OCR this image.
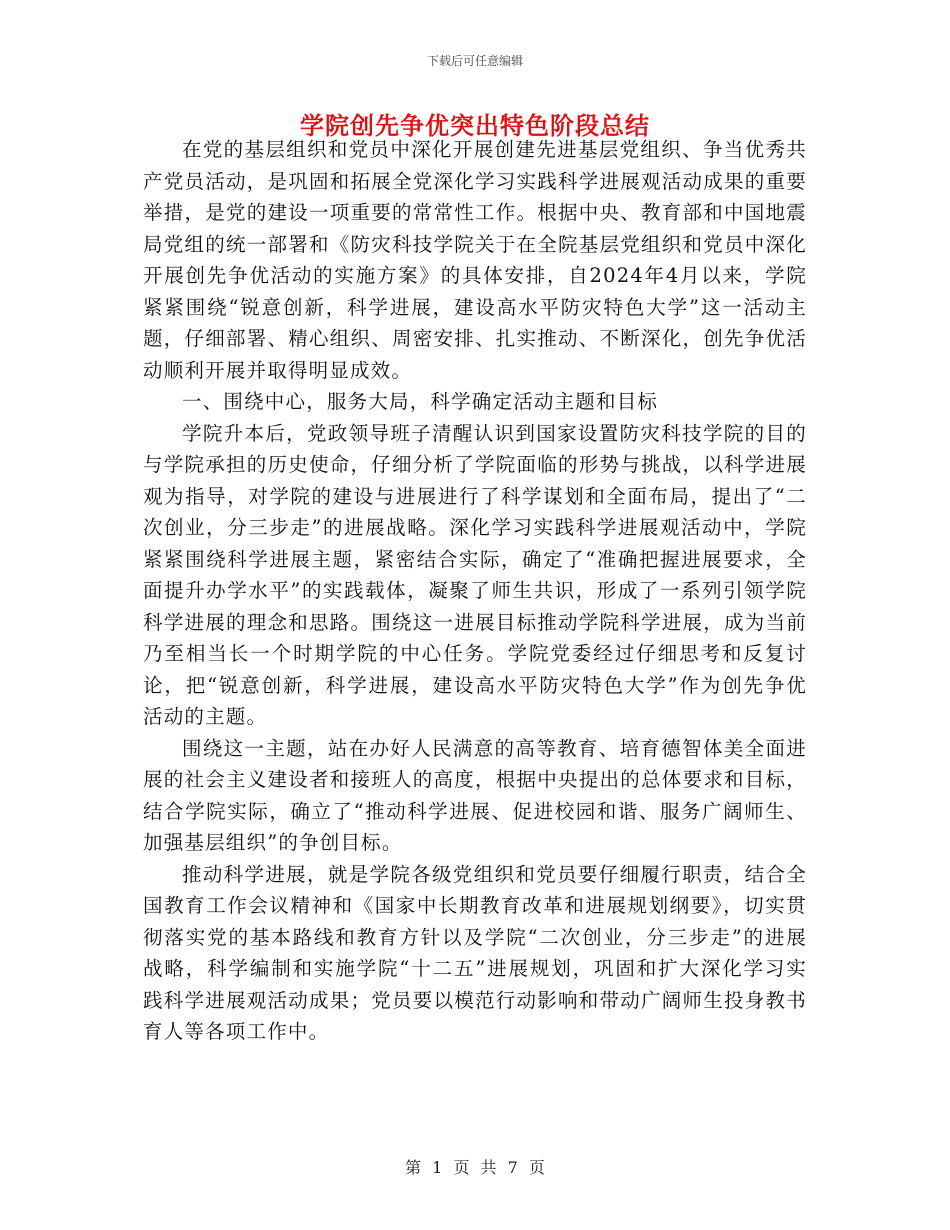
下载后可任意编辑
学院创先争优突出特色阶段总结

在党的基层组织和党员中深化开展创建先进基层党组织、争当优秀共产党员活动，是巩固和拓展全党深化学习实践科学进展观活动成果的重要举措，是党的建设一项重要的常常性工作。根据中央、教育部和中国地震局党组的统一部署和《防灾科技学院关于在全院基层党组织和党员中深化开展创先争优活动的实施方案》的具体安排，自2024年4月以来，学院紧紧围绕“锐意创新，科学进展，建设高水平防灾特色大学”这一活动主题，仔细部署、精心组织、周密安排、扎实推动、不断深化，创先争优活动顺利开展并取得明显成效。

一、围绕中心，服务大局，科学确定活动主题和目标

学院升本后，党政领导班子清醒认识到国家设置防灾科技学院的目的与学院承担的历史使命，仔细分析了学院面临的形势与挑战，以科学进展观为指导，对学院的建设与进展进行了科学谋划和全面布局，提出了“二次创业，分三步走”的进展战略。深化学习实践科学进展观活动中，学院紧紧围绕科学进展主题，紧密结合实际，确定了“准确把握进展要求，全面提升办学水平”的实践载体，凝聚了师生共识，形成了一系列引领学院科学进展的理念和思路。围绕这一进展目标推动学院科学进展，成为当前乃至相当长一个时期学院的中心任务。学院党委经过仔细思考和反复讨论，把“锐意创新，科学进展，建设高水平防灾特色大学”作为创先争优活动的主题。

围绕这一主题，站在办好人民满意的高等教育、培育德智体美全面进展的社会主义建设者和接班人的高度，根据中央提出的总体要求和目标，结合学院实际，确立了“推动科学进展、促进校园和谐、服务广阔师生、加强基层组织”的争创目标。

推动科学进展，就是学院各级党组织和党员要仔细履行职责，结合全国教育工作会议精神和《国家中长期教育改革和进展规划纲要》，切实贯彻落实党的基本路线和教育方针以及学院“二次创业，分三步走”的进展战略，科学编制和实施学院“十二五”进展规划，巩固和扩大深化学习实践科学进展观活动成果；党员要以模范行动影响和带动广阔师生投身教书育人等各项工作中。

第 1 页 共 7 页
